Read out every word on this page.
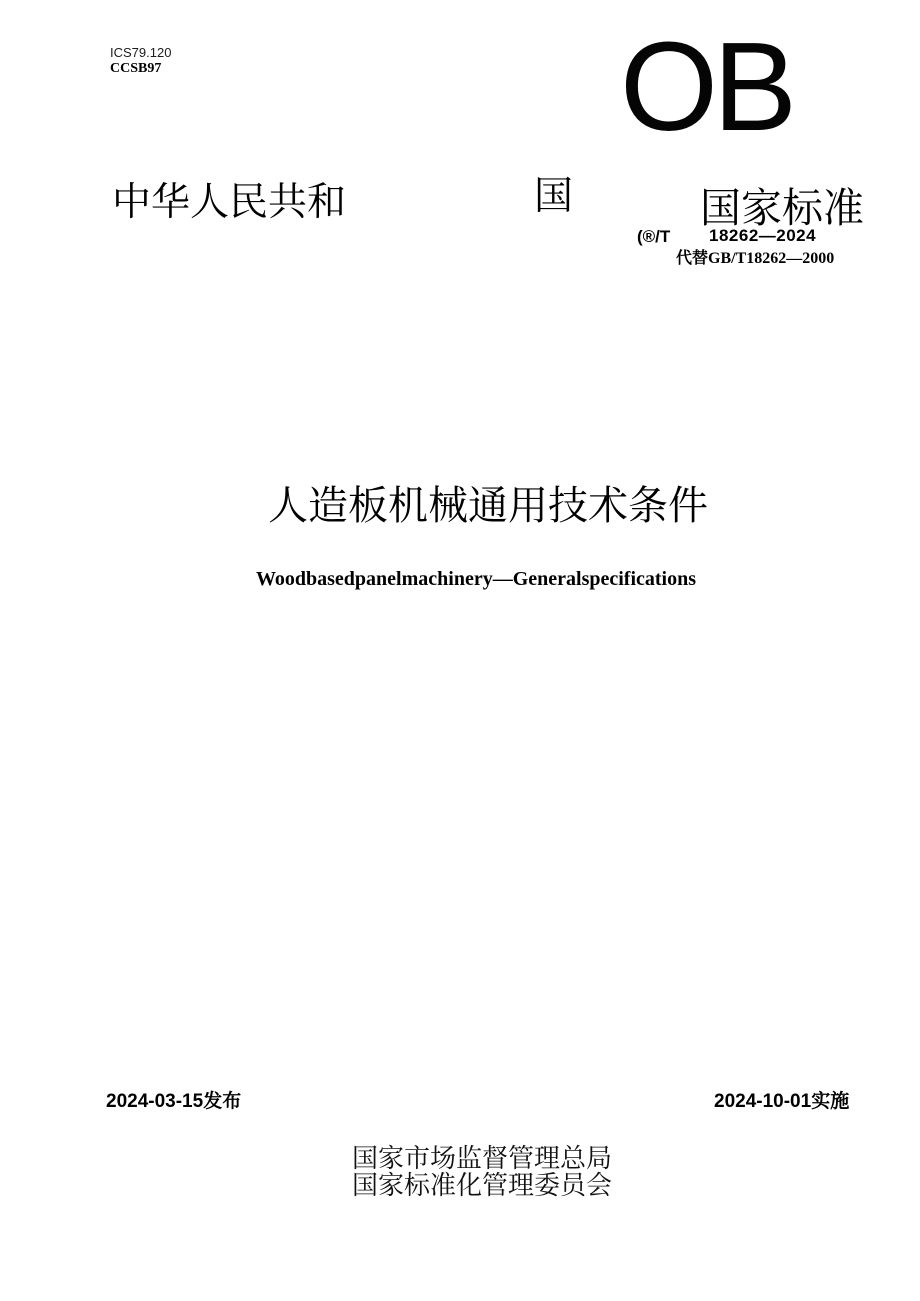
ICS79.120
CCSB97	OB
中华人民共和	国	国家标准
(®/T 18262—2024
代替GB/T18262—2000
人造板机械通用技术条件
Woodbasedpanelmachinery—Generalspecifications
2024-03-15发布	2024-10-01实施
国家市场监督管理总局
国家标准化管理委员会
